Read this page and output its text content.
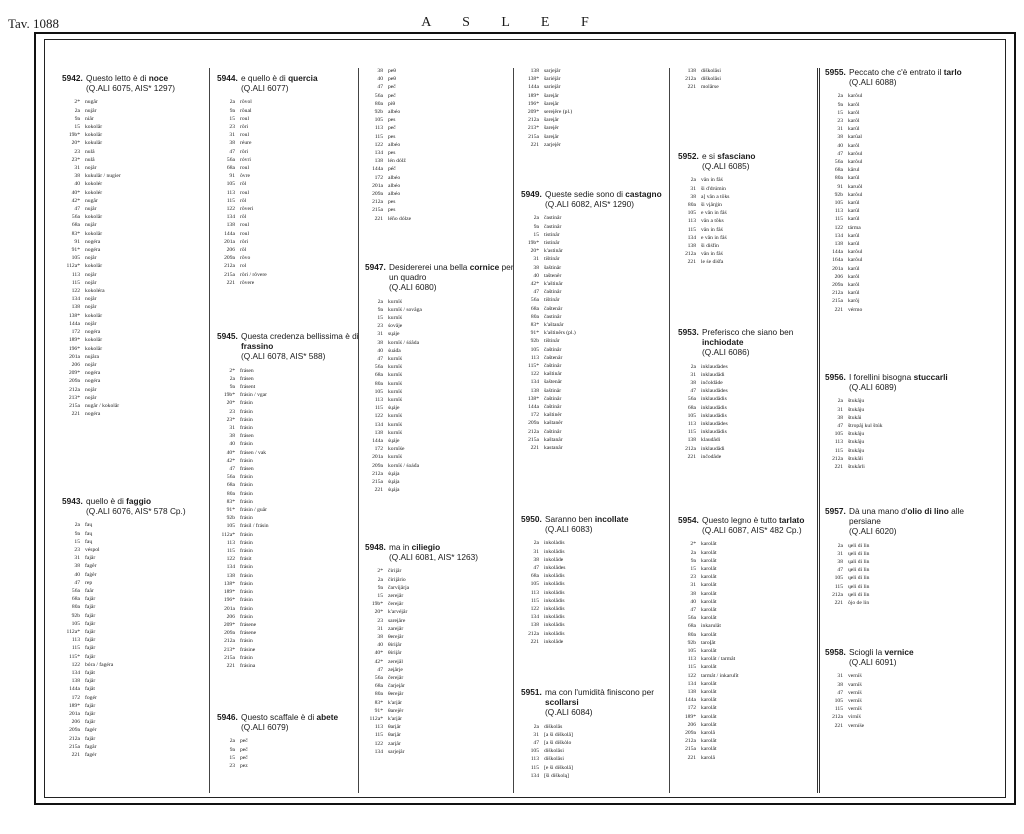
Tav. 1088	A S L E F
5942. Questo letto è di noce
(Q.ALI 6075, AIS* 1297)
2* nugâr
2a nujâr
9a niâr
15 kokolâr
19b* kokolâr
20* kokulâr
23 nulâ
23* nulâ
31 nojâr
38 kukulâr / nugier
40 kokolér
40* kokolér
42* nugâr
47 nujâr
56a kokolâr
68a nujâr
83* kokolâr
91 nogéra
91* nogéra
105 nojâr
112a* kokolâr
113 nojâr
115 nojâr
122 kokoléra
134 nojâr
138 nojâr
138* kokolâr
144a nojâr
172 nogéra
189* kokolâr
196* kokolâr
201a nujâra
206 nojâr
209* nogéra
209a nogéra
212a nojâr
213* nojâr
215a nugâr / kokolâr
221 nogéra
5943. quello è di faggio
(Q.ALI 6076, AIS* 578 Cp.)
2a faų
9a faų
15 faų
23 véspol
31 fajâr
38 fagêr
40 faġêr
47 rep
56a faâr
68a fajâr
80a fajâr
92b fajâr
105 fajâr
112a* fajâr
113 fajâr
115 fajâr
115* fajâr
122 bóra / fagéra
134 fajât
138 fajâr
144a fajât
172 fogér
189* fajâr
201a fajâr
206 fajâr
209a fagér
212a fajâr
215a fagâr
221 fagér
5944. e quello è di quercia
(Q.ALI 6077)
2a rôvol
9a rôual
15 roul
23 rôri
31 roul
38 réure
47 rôri
56a róvri
68a roul
91 ôvre
105 rôl
113 roul
115 rôl
122 rôveri
134 rôl
138 roul
144a roul
201a rôri
206 rôl
209a rôvo
212a rol
215a rôri / rôvere
221 rôvere
5945. Questa credenza bellissima è di frassino
(Q.ALI 6078, AIS* 588)
2* frásen
2a frásen
9a frásent
19b* frásin / vgar
20* frásin
23 frásin
23* frásin
31 frásin
38 frásen
40 frásin
40* frásen / vak
42* frásin
47 frásen
56a frásin
68a frásin
80a frásin
83* frásin
91* frásin / guâr
92b frásin
105 frásil / frásin
112a* frásin
113 frásin
115 frásin
122 frásit
134 frásin
138 frásin
138* frásin
189* frásin
196* frásin
201a frásin
206 frásin
209* frásene
209a frásene
212a frásin
213* frásine
215a frásin
221 frásina
5946. Questo scaffale è di abete
(Q.ALI 6079)
2a peč
9a peč
15 peč
23 pez
38 peθ
40 peθ
47 peč
56a peč
80a piθ
92b albéo
105 pes
113 peč
115 pes
122 albéo
134 pes
138 lén dólž
144a péč
172 albéo
201a albéo
209a albéo
212a pes
215a pes
221 léño dólze
5947. Desidererei una bella cornice per un quadro
(Q.ALI 6080)
2a kurnîś
9a kurnîś / sovâga
15 kurnîś
23 śovâje
31 sųáje
38 kornîś / śóâda
40 śuáđa
47 kurnîś
56a kurnîś
68a kurnîś
80a kurnîś
105 kurnîś
113 kurnîś
115 śųáje
122 kurnîś
134 kurnîś
138 kurnîś
144a śųáje
172 kornîśe
201a kurnîś
209a kornîś / śoáđa
212a śųája
215a śųája
221 śųája
5948. ma in ciliegio
(Q.ALI 6081, AIS* 1263)
2* čiriįâr
2a čiriįârio
9a čarvíįârja
15 zereįâr
19b* čereįâr
20* k'arvéįâr
23 sareįâre
31 zareįâr
38 θerejâr
40 θiriįâr
40* θiriįâr
42* zereįâl
47 zeįârje
56a čereįâr
68a čarjeįâr
80a θereįâr
83* k'arįâr
91* θarejêr
112a* k'arįâr
113 θarįâr
115 θarįâr
122 zarįâr
134 sarjeįâr
138 sarjeįâr
138* šariéįâr
144a sarieįâr
189* šareįâr
196* šareįâr
209* sereįêre (pl.)
212a šareįâr
213* šareįêr
215a šareįâr
221 zarjeįêr
5949. Queste sedie sono di castagno
(Q.ALI 6082, AIS* 1290)
2a častinâr
9a častinâr
15 tistinâr
19b* tistinâr
20* k'astinâr
31 tištinâr
38 šaštinâr
40 taštenêr
42* k'aštinâr
47 čaštinâr
56a tištinâr
68a čaštenâr
80a častinâr
83* k'aštanâr
91* k'aštinêrs (pl.)
92b tištinâr
105 čaštinâr
113 čaštenâr
115* čaštinâr
122 kaštinâr
134 šaštenâr
138 šaštinâr
138* čaštinâr
144a čaštinâr
172 kaštinêr
209a kaštanêr
212a čaštinâr
215a kaštanâr
221 kastanâr
5950. Saranno ben incollate
(Q.ALI 6083)
2a inkolàdis
31 inkolâdis
38 inkolâde
47 inkolâdes
68a inkolâdis
105 inkolâdis
113 inkolâdis
115 inkolâdis
122 inkolâdis
134 inkolâdis
138 inkolâdis
212a inkolâdis
221 inkolâde
5951. ma con l'umidità finiscono per scollarsi
(Q.ALI 6084)
2a diškolâs
31 [a ši diškolâ]
47 [a ši diškòlo
105 diškolâsi
113 diškolâsi
115 [e ši diškolâ]
134 [ši diškolą]
138 diškolâsi
212a diškolâsi
221 molârse
5952. e si sfasciano
(Q.ALI 6085)
2a vân in fâś
31 ši ďdrúmin
38 a] vân a tôks
80a ši vįârġin
105 e vân in fâś
113 vân a tôks
115 vân in fâś
134 e vân in fâś
138 ši diśfin
212a vân in fâś
221 le śe diśfa
5953. Preferisco che siano ben inchiodate
(Q.ALI 6086)
2a inklaudàdes
31 inklaudâdi
38 inčoldâde
47 inklaudâdes
56a inklaudâdis
68a inklaudâdis
105 inklaudâdis
113 inklaudâdes
115 inklaudâdis
138 klaudâdi
212a inklaudâdi
221 inčodâde
5954. Questo legno è tutto tarlato
(Q.ALI 6087, AIS* 482 Cp.)
2* karolât
2a karolât
9a karolât
15 karolât
23 karolât
31 karolât
38 karolât
40 karolât
47 karolât
56a karolât
68a inkarulât
80a karolât
92b taroĮât
105 karolât
113 karolât / tarmât
115 karolât
122 tarmât / inkarulît
134 karolât
138 karolât
144a karolât
172 karolât
189* karolât
206 karolât
209a karolâ
212a karolât
215a karolât
221 karolâ
5955. Peccato che c'è entrato il tarlo
(Q.ALI 6088)
2a karôul
9a karôl
15 karôl
23 karôl
31 karûl
38 karûal
40 karôl
47 karôul
56a karôul
68a kârul
80a karûl
91 karuôl
92b karôul
105 karûl
113 karûl
115 karûl
122 tárma
134 karûl
138 karûl
144a karôul
164a karôul
201a karûl
206 karôl
209a karôl
212a karûl
215a karôj
221 vérmo
5956. I forellini bisogna stuccarli
(Q.ALI 6089)
2a štukâju
31 štukâju
38 štukâi
47 štropâj kul štúk
105 štukâju
113 štukâju
115 štukâju
212a štukâli
221 štukârli
5957. Dà una mano d'olio di lino alle persiane
(Q.ALI 6020)
2a ųeli di lin
31 ųeli di lin
38 ųali di lin
47 ųeli di lin
105 ųeli di lin
115 ųeli di lin
212a ųeli di lin
221 ôjo de lin
5958. Sciogli la vernice
(Q.ALI 6091)
31 vernîś
38 varnîś
47 vernîś
105 vernîś
115 vernîś
212a virnîś
221 verníśe
